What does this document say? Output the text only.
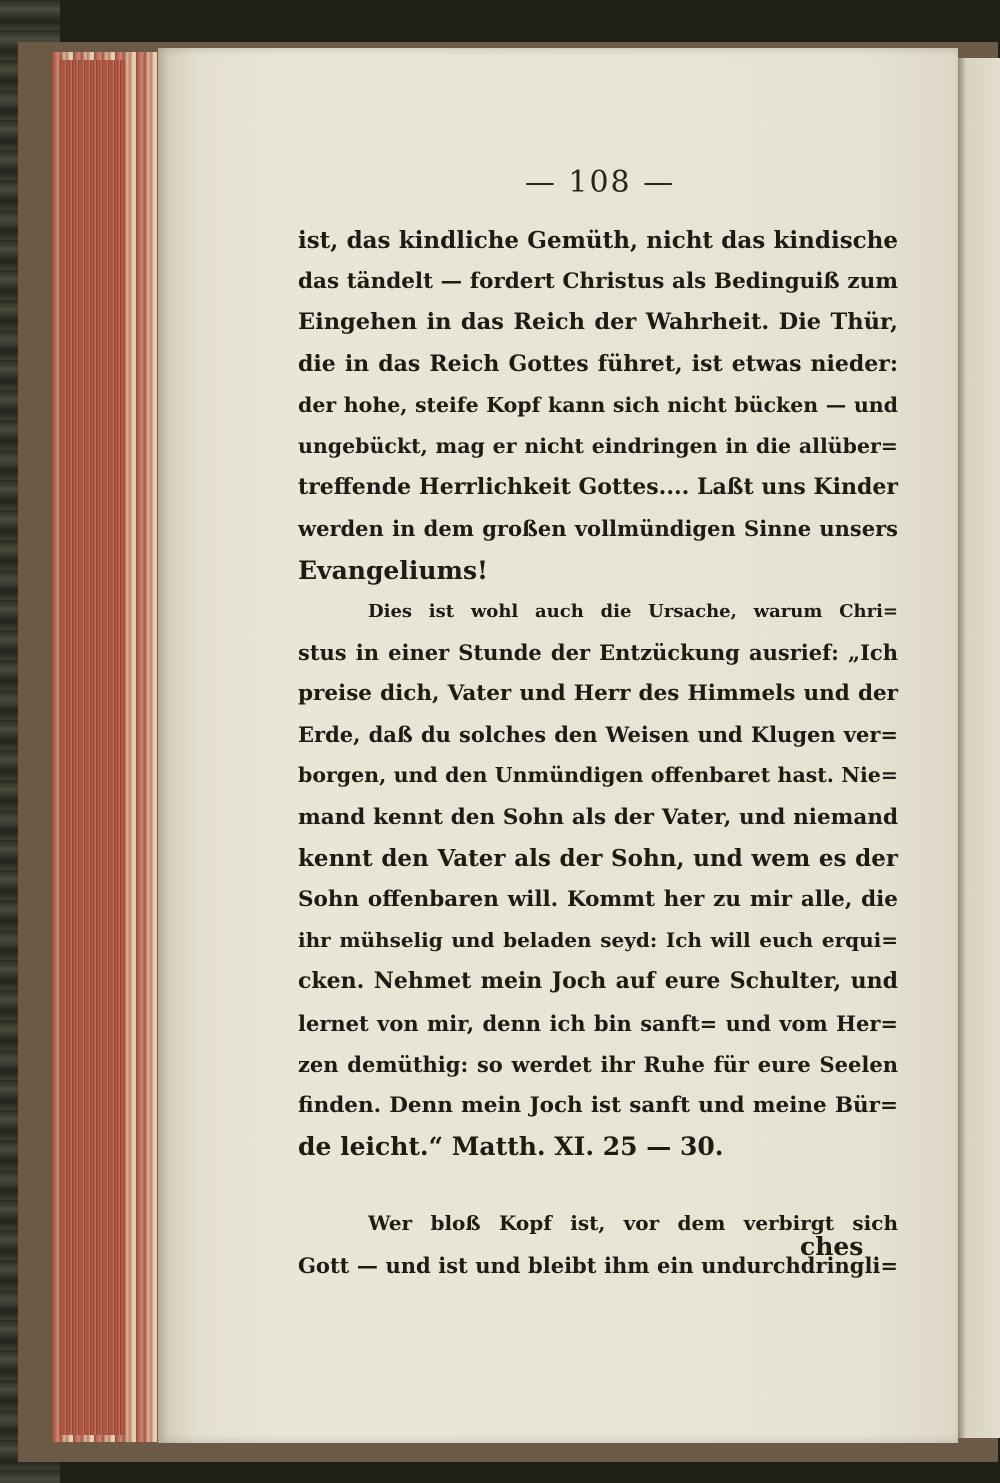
— 108 —
ist, das kindliche Gemüth, nicht das kindische
das tändelt — fordert Christus als Bedinguiß zum
Eingehen in das Reich der Wahrheit. Die Thür,
die in das Reich Gottes führet, ist etwas nieder:
der hohe, steife Kopf kann sich nicht bücken — und
ungebückt, mag er nicht eindringen in die allüber=
treffende Herrlichkeit Gottes.... Laßt uns Kinder
werden in dem großen vollmündigen Sinne unsers
Evangeliums!
Dies ist wohl auch die Ursache, warum Chri=
stus in einer Stunde der Entzückung ausrief: „Ich
preise dich, Vater und Herr des Himmels und der
Erde, daß du solches den Weisen und Klugen ver=
borgen, und den Unmündigen offenbaret hast. Nie=
mand kennt den Sohn als der Vater, und niemand
kennt den Vater als der Sohn, und wem es der
Sohn offenbaren will. Kommt her zu mir alle, die
ihr mühselig und beladen seyd: Ich will euch erqui=
cken. Nehmet mein Joch auf eure Schulter, und
lernet von mir, denn ich bin sanft= und vom Her=
zen demüthig: so werdet ihr Ruhe für eure Seelen
finden. Denn mein Joch ist sanft und meine Bür=
de leicht.“ Matth. XI. 25 — 30.
Wer bloß Kopf ist, vor dem verbirgt sich
Gott — und ist und bleibt ihm ein undurchdringli=
ches
